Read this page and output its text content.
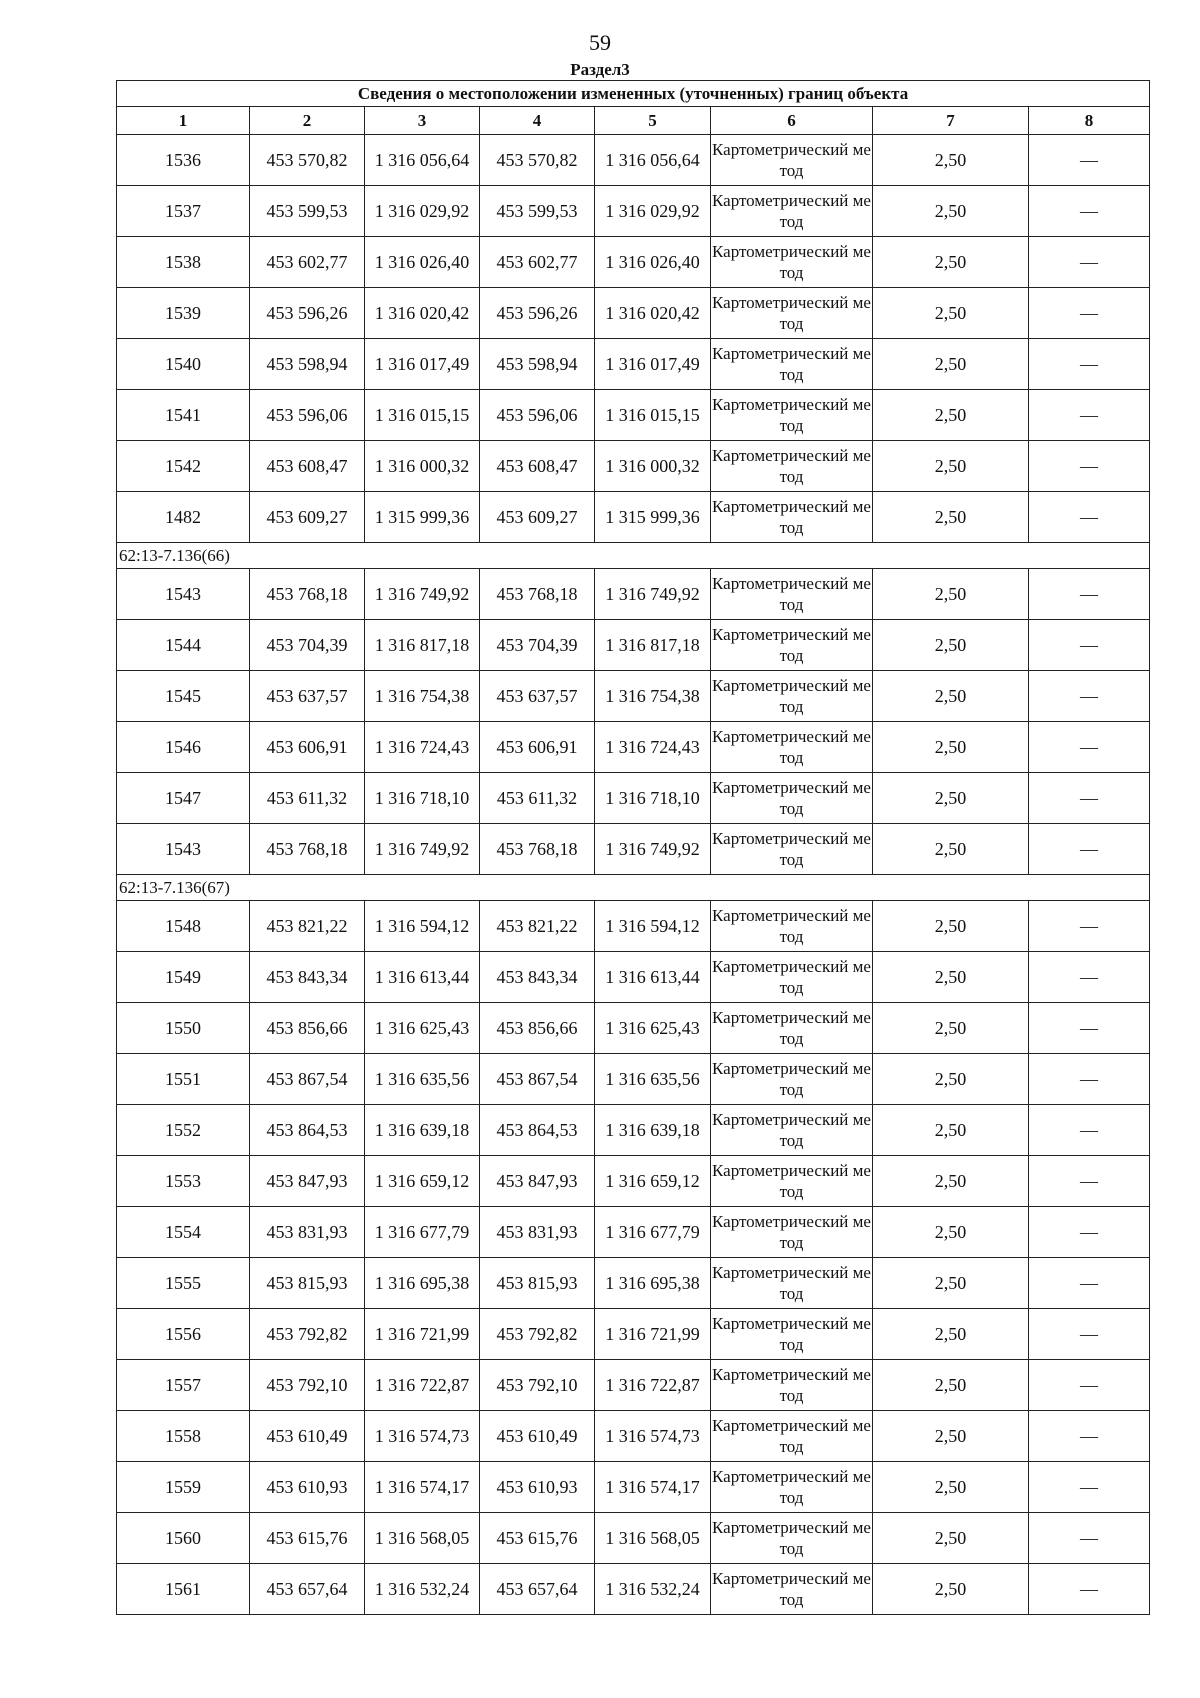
59
Раздел3
Сведения о местоположении измененных (уточненных) границ объекта							
1	2	3	4	5	6	7	8
1536	453 570,82	1 316 056,64	453 570,82	1 316 056,64	Картометрический метод	2,50	—
1537	453 599,53	1 316 029,92	453 599,53	1 316 029,92	Картометрический метод	2,50	—
1538	453 602,77	1 316 026,40	453 602,77	1 316 026,40	Картометрический метод	2,50	—
1539	453 596,26	1 316 020,42	453 596,26	1 316 020,42	Картометрический метод	2,50	—
1540	453 598,94	1 316 017,49	453 598,94	1 316 017,49	Картометрический метод	2,50	—
1541	453 596,06	1 316 015,15	453 596,06	1 316 015,15	Картометрический метод	2,50	—
1542	453 608,47	1 316 000,32	453 608,47	1 316 000,32	Картометрический метод	2,50	—
1482	453 609,27	1 315 999,36	453 609,27	1 315 999,36	Картометрический метод	2,50	—
62:13-7.136(66)							
1543	453 768,18	1 316 749,92	453 768,18	1 316 749,92	Картометрический метод	2,50	—
1544	453 704,39	1 316 817,18	453 704,39	1 316 817,18	Картометрический метод	2,50	—
1545	453 637,57	1 316 754,38	453 637,57	1 316 754,38	Картометрический метод	2,50	—
1546	453 606,91	1 316 724,43	453 606,91	1 316 724,43	Картометрический метод	2,50	—
1547	453 611,32	1 316 718,10	453 611,32	1 316 718,10	Картометрический метод	2,50	—
1543	453 768,18	1 316 749,92	453 768,18	1 316 749,92	Картометрический метод	2,50	—
62:13-7.136(67)							
1548	453 821,22	1 316 594,12	453 821,22	1 316 594,12	Картометрический метод	2,50	—
1549	453 843,34	1 316 613,44	453 843,34	1 316 613,44	Картометрический метод	2,50	—
1550	453 856,66	1 316 625,43	453 856,66	1 316 625,43	Картометрический метод	2,50	—
1551	453 867,54	1 316 635,56	453 867,54	1 316 635,56	Картометрический метод	2,50	—
1552	453 864,53	1 316 639,18	453 864,53	1 316 639,18	Картометрический метод	2,50	—
1553	453 847,93	1 316 659,12	453 847,93	1 316 659,12	Картометрический метод	2,50	—
1554	453 831,93	1 316 677,79	453 831,93	1 316 677,79	Картометрический метод	2,50	—
1555	453 815,93	1 316 695,38	453 815,93	1 316 695,38	Картометрический метод	2,50	—
1556	453 792,82	1 316 721,99	453 792,82	1 316 721,99	Картометрический метод	2,50	—
1557	453 792,10	1 316 722,87	453 792,10	1 316 722,87	Картометрический метод	2,50	—
1558	453 610,49	1 316 574,73	453 610,49	1 316 574,73	Картометрический метод	2,50	—
1559	453 610,93	1 316 574,17	453 610,93	1 316 574,17	Картометрический метод	2,50	—
1560	453 615,76	1 316 568,05	453 615,76	1 316 568,05	Картометрический метод	2,50	—
1561	453 657,64	1 316 532,24	453 657,64	1 316 532,24	Картометрический метод	2,50	—
